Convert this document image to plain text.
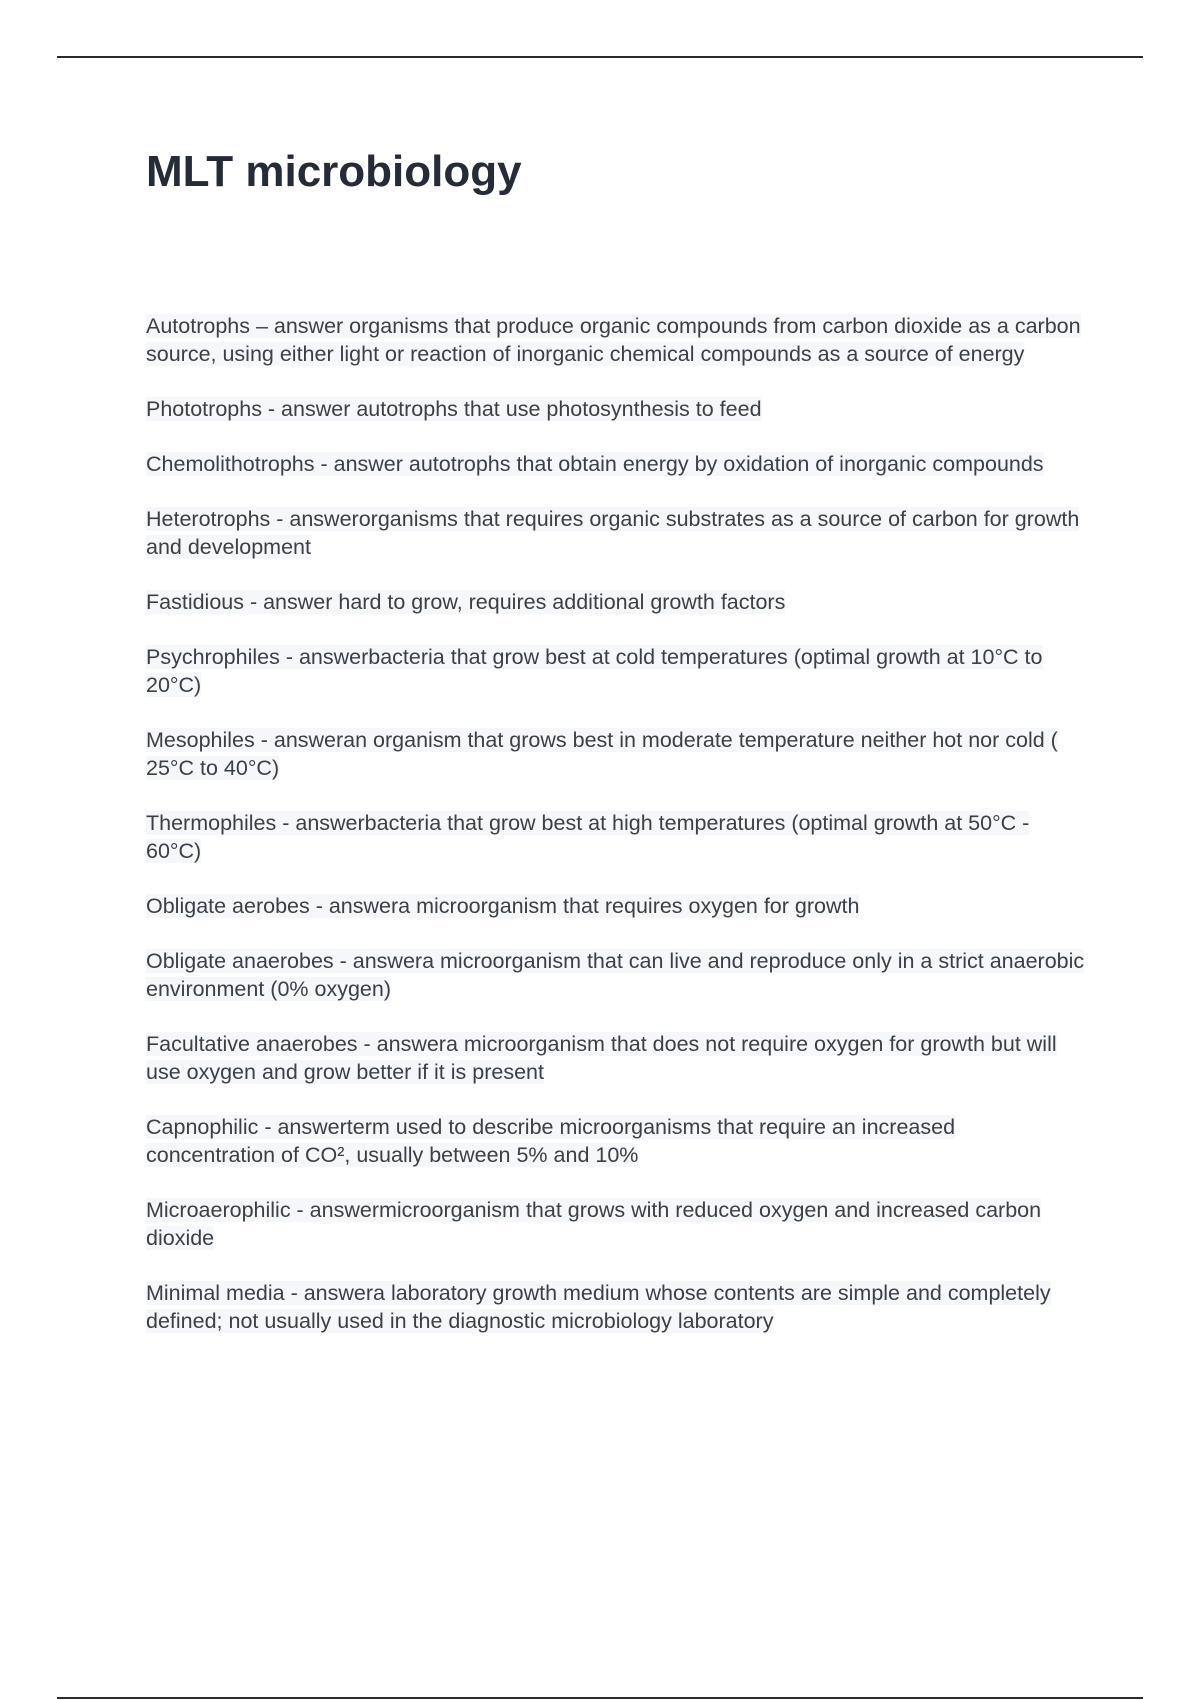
MLT microbiology

Autotrophs – answer organisms that produce organic compounds from carbon dioxide as a carbon source, using either light or reaction of inorganic chemical compounds as a source of energy

Phototrophs - answer autotrophs that use photosynthesis to feed

Chemolithotrophs - answer autotrophs that obtain energy by oxidation of inorganic compounds

Heterotrophs - answerorganisms that requires organic substrates as a source of carbon for growth and development

Fastidious - answer hard to grow, requires additional growth factors

Psychrophiles - answerbacteria that grow best at cold temperatures (optimal growth at 10°C to 20°C)

Mesophiles - answeran organism that grows best in moderate temperature neither hot nor cold ( 25°C to 40°C)

Thermophiles - answerbacteria that grow best at high temperatures (optimal growth at 50°C - 60°C)

Obligate aerobes - answera microorganism that requires oxygen for growth

Obligate anaerobes - answera microorganism that can live and reproduce only in a strict anaerobic environment (0% oxygen)

Facultative anaerobes - answera microorganism that does not require oxygen for growth but will use oxygen and grow better if it is present

Capnophilic - answerterm used to describe microorganisms that require an increased concentration of CO², usually between 5% and 10%

Microaerophilic - answermicroorganism that grows with reduced oxygen and increased carbon dioxide

Minimal media - answera laboratory growth medium whose contents are simple and completely defined; not usually used in the diagnostic microbiology laboratory
